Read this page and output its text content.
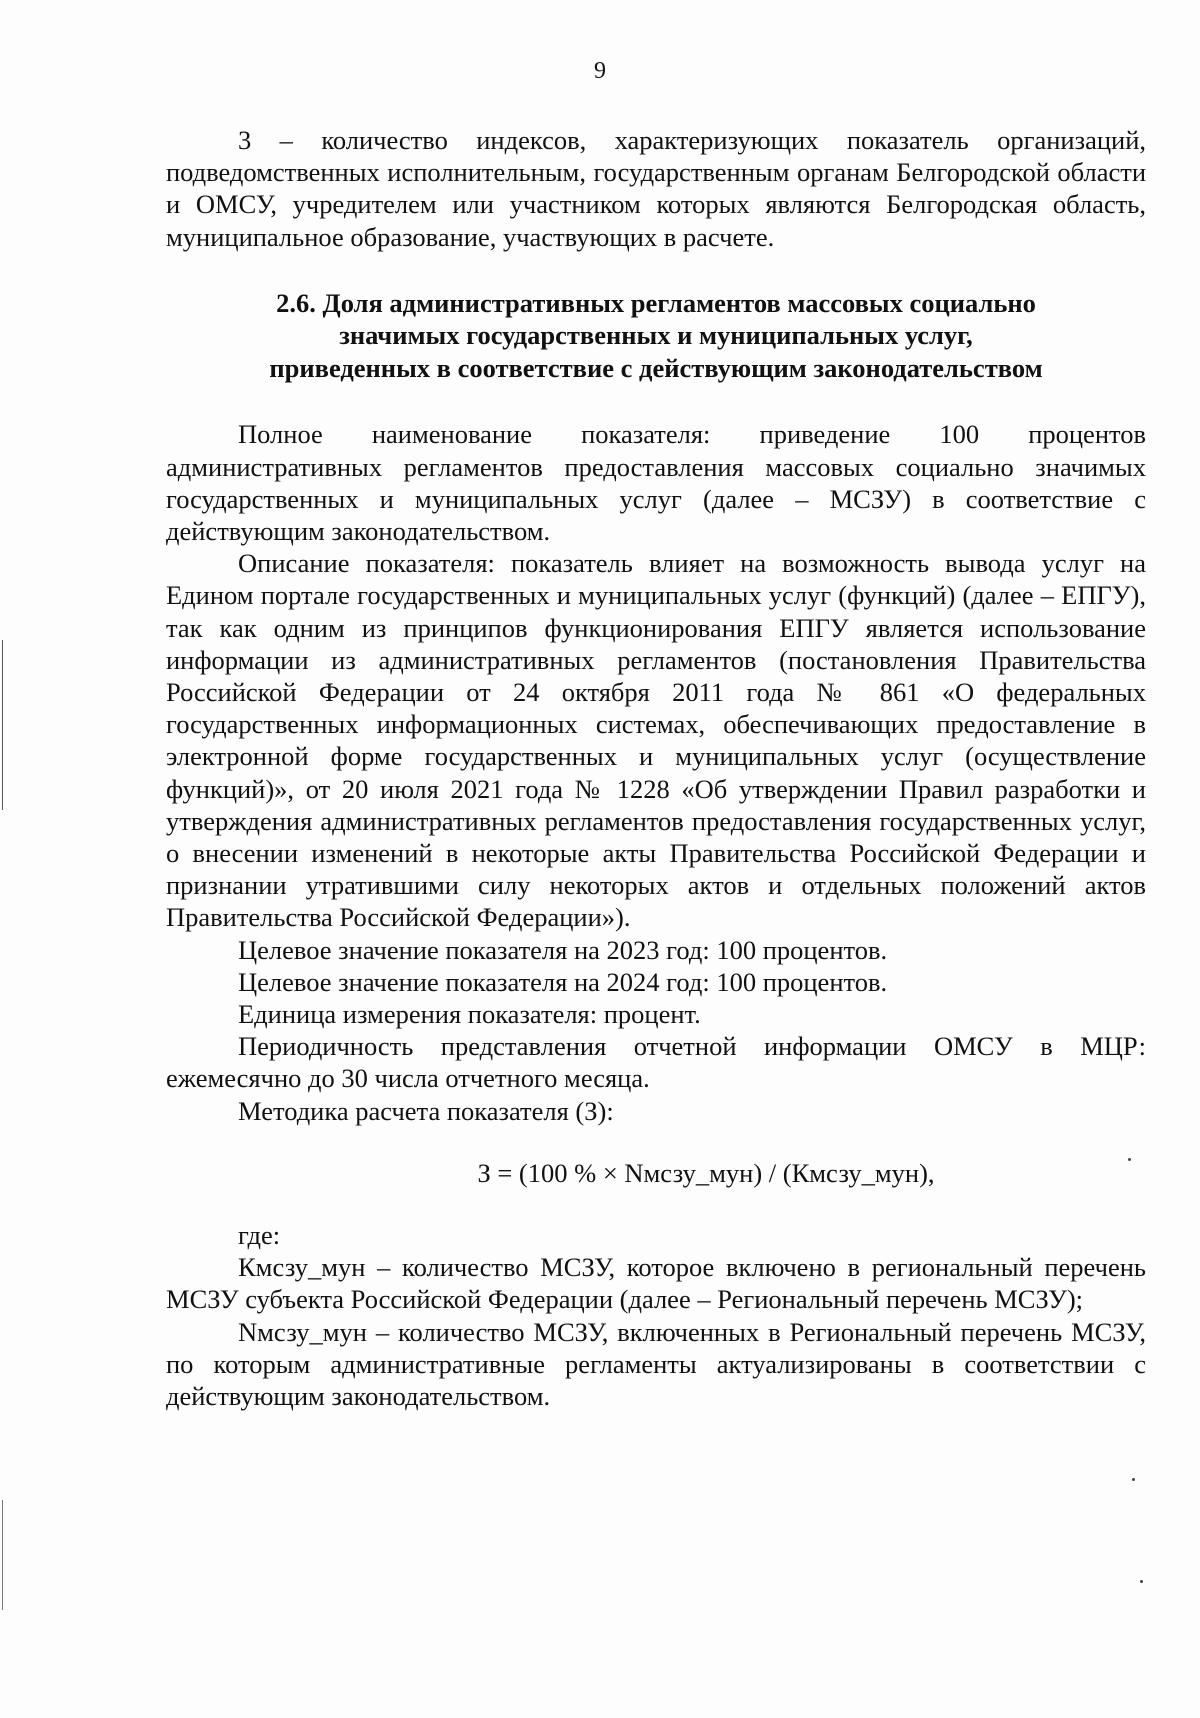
9

3 – количество индексов, характеризующих показатель организаций, подведомственных исполнительным, государственным органам Белгородской области и ОМСУ, учредителем или участником которых являются Белгородская область, муниципальное образование, участвующих в расчете.

2.6. Доля административных регламентов массовых социально
значимых государственных и муниципальных услуг,
приведенных в соответствие с действующим законодательством

Полное наименование показателя: приведение 100 процентов административных регламентов предоставления массовых социально значимых государственных и муниципальных услуг (далее – МСЗУ) в соответствие с действующим законодательством.

Описание показателя: показатель влияет на возможность вывода услуг на Едином портале государственных и муниципальных услуг (функций) (далее – ЕПГУ), так как одним из принципов функционирования ЕПГУ является использование информации из административных регламентов (постановления Правительства Российской Федерации от 24 октября 2011 года № 861 «О федеральных государственных информационных системах, обеспечивающих предоставление в электронной форме государственных и муниципальных услуг (осуществление функций)», от 20 июля 2021 года № 1228 «Об утверждении Правил разработки и утверждения административных регламентов предоставления государственных услуг, о внесении изменений в некоторые акты Правительства Российской Федерации и признании утратившими силу некоторых актов и отдельных положений актов Правительства Российской Федерации»).

Целевое значение показателя на 2023 год: 100 процентов.

Целевое значение показателя на 2024 год: 100 процентов.

Единица измерения показателя: процент.

Периодичность представления отчетной информации ОМСУ в МЦР: ежемесячно до 30 числа отчетного месяца.

Методика расчета показателя (З):

З = (100 % × Nмсзу_мун) / (Кмсзу_мун),

где:

Кмсзу_мун – количество МСЗУ, которое включено в региональный перечень МСЗУ субъекта Российской Федерации (далее – Региональный перечень МСЗУ);

Nмсзу_мун – количество МСЗУ, включенных в Региональный перечень МСЗУ, по которым административные регламенты актуализированы в соответствии с действующим законодательством.
